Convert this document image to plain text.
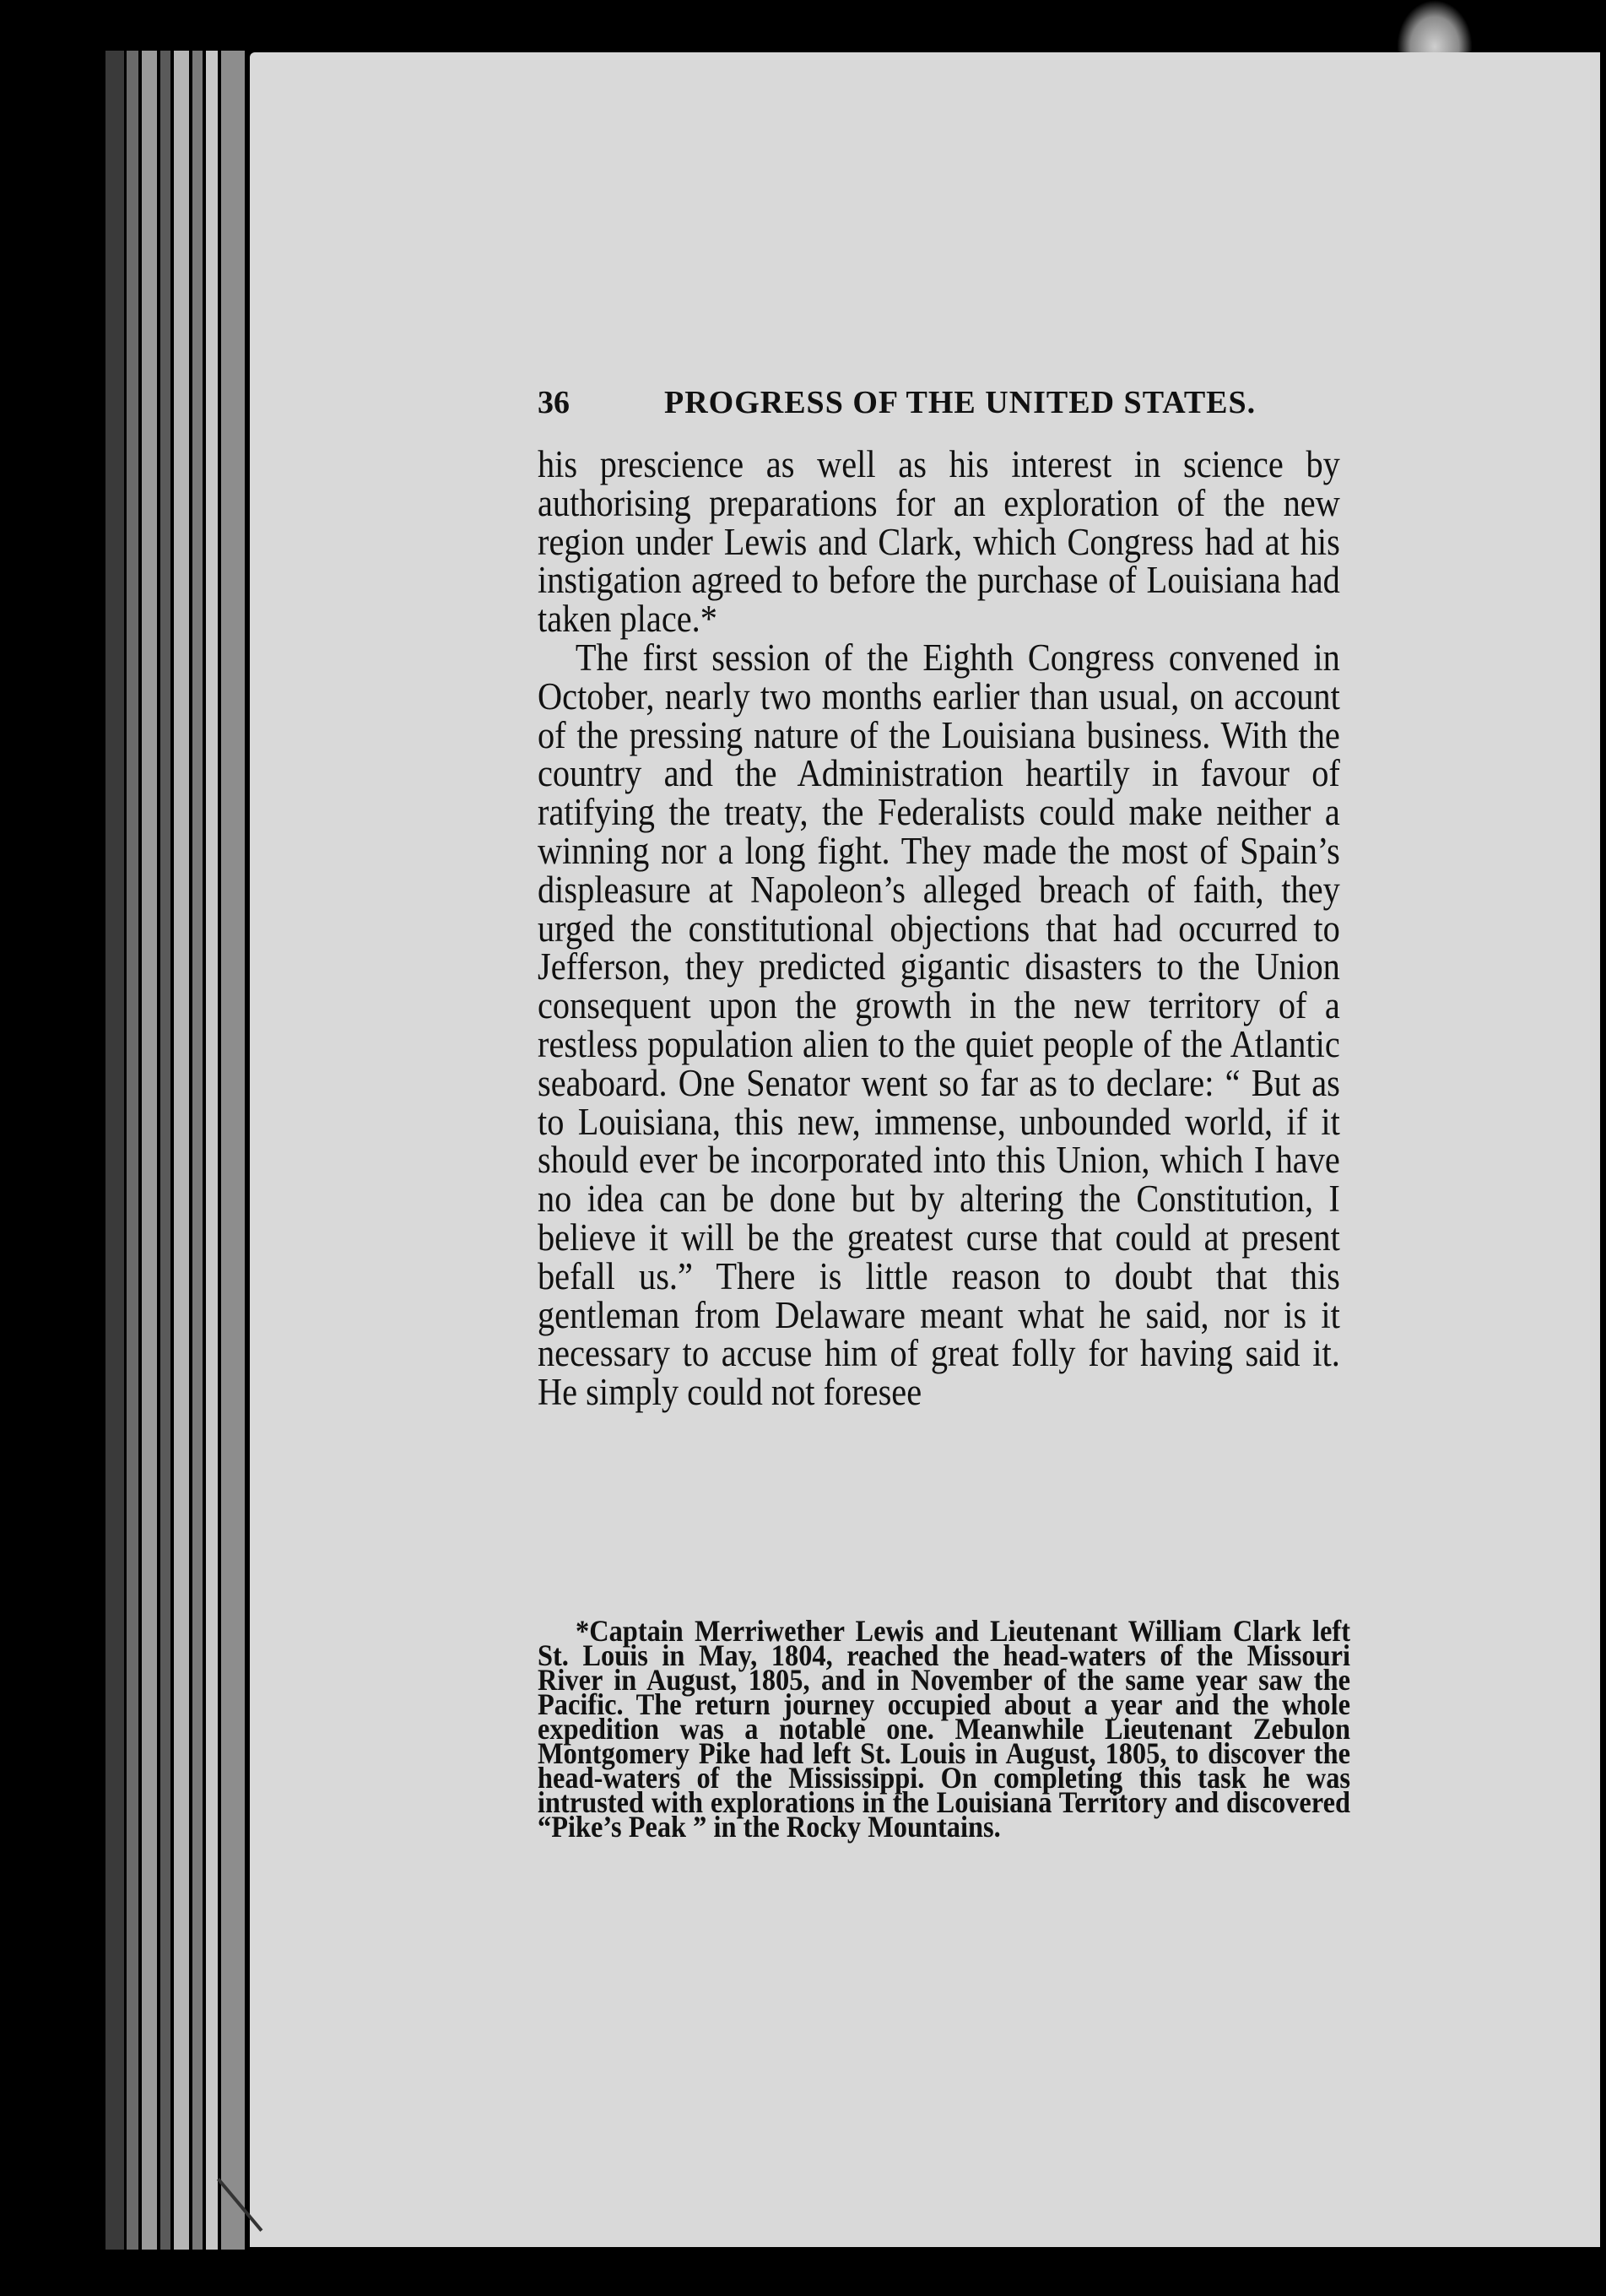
36	PROGRESS OF THE UNITED STATES.

his prescience as well as his interest in science by authorising preparations for an exploration of the new region under Lewis and Clark, which Congress had at his instigation agreed to before the purchase of Louisiana had taken place.*

The first session of the Eighth Congress convened in October, nearly two months earlier than usual, on account of the pressing nature of the Louisiana business. With the country and the Administration heartily in favour of ratifying the treaty, the Federalists could make neither a winning nor a long fight. They made the most of Spain’s displeasure at Napoleon’s alleged breach of faith, they urged the constitutional objections that had occurred to Jefferson, they predicted gigantic disasters to the Union consequent upon the growth in the new territory of a restless population alien to the quiet people of the Atlantic seaboard. One Senator went so far as to declare: “ But as to Louisiana, this new, immense, unbounded world, if it should ever be incorporated into this Union, which I have no idea can be done but by altering the Constitution, I believe it will be the greatest curse that could at present befall us.” There is little reason to doubt that this gentleman from Delaware meant what he said, nor is it necessary to accuse him of great folly for having said it. He simply could not foresee

*Captain Merriwether Lewis and Lieutenant William Clark left St. Louis in May, 1804, reached the head-waters of the Missouri River in August, 1805, and in November of the same year saw the Pacific. The return journey occupied about a year and the whole expedition was a notable one. Meanwhile Lieutenant Zebulon Montgomery Pike had left St. Louis in August, 1805, to discover the head-waters of the Mississippi. On completing this task he was intrusted with explorations in the Louisiana Territory and discovered “Pike’s Peak ” in the Rocky Mountains.
